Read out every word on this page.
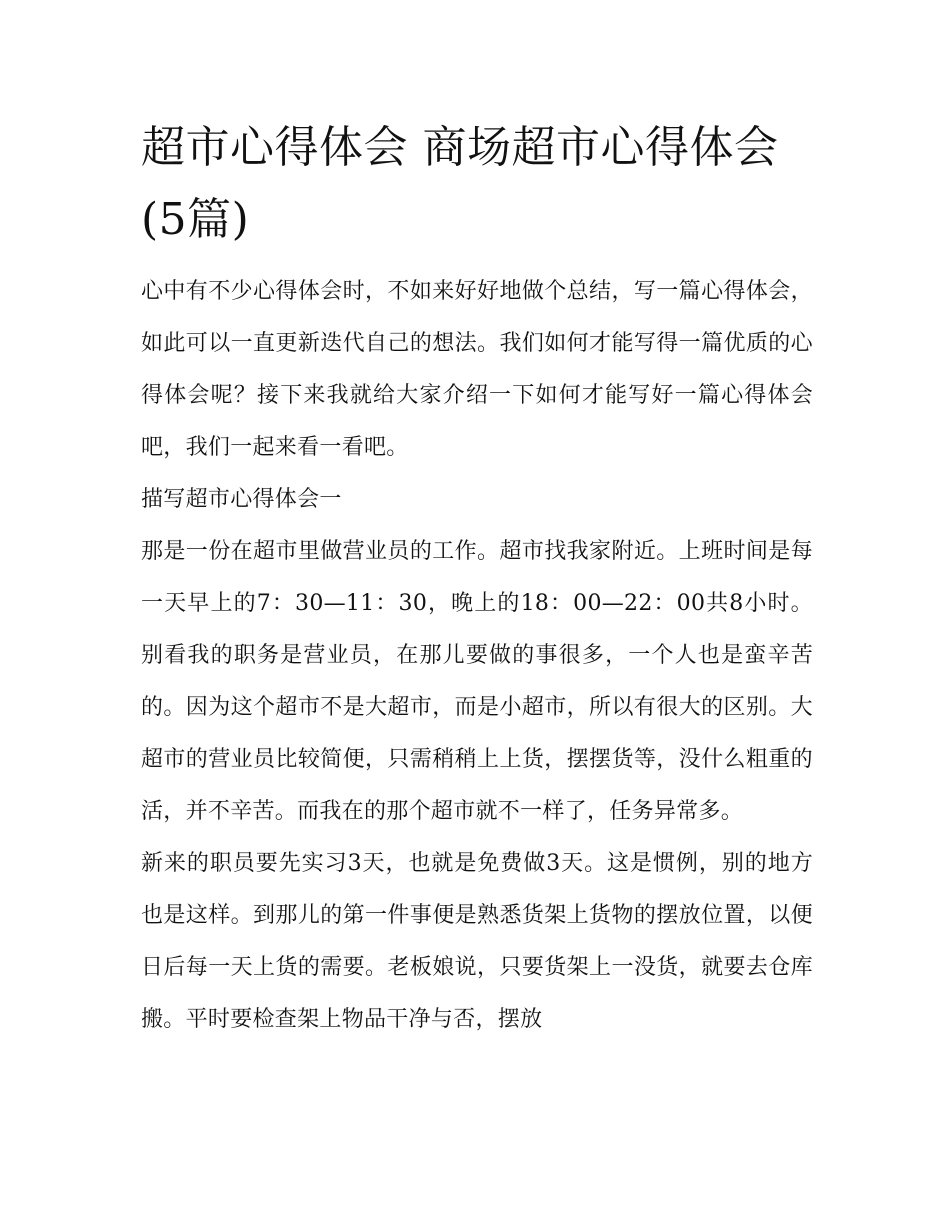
超市心得体会 商场超市心得体会(5篇)

心中有不少心得体会时，不如来好好地做个总结，写一篇心得体会，如此可以一直更新迭代自己的想法。我们如何才能写得一篇优质的心得体会呢？接下来我就给大家介绍一下如何才能写好一篇心得体会吧，我们一起来看一看吧。

描写超市心得体会一

那是一份在超市里做营业员的工作。超市找我家附近。上班时间是每一天早上的7：30—11：30，晚上的18：00—22：00共8小时。别看我的职务是营业员，在那儿要做的事很多，一个人也是蛮辛苦的。因为这个超市不是大超市，而是小超市，所以有很大的区别。大超市的营业员比较简便，只需稍稍上上货，摆摆货等，没什么粗重的活，并不辛苦。而我在的那个超市就不一样了，任务异常多。

新来的职员要先实习3天，也就是免费做3天。这是惯例，别的地方也是这样。到那儿的第一件事便是熟悉货架上货物的摆放位置，以便日后每一天上货的需要。老板娘说，只要货架上一没货，就要去仓库搬。平时要检查架上物品干净与否，摆放
